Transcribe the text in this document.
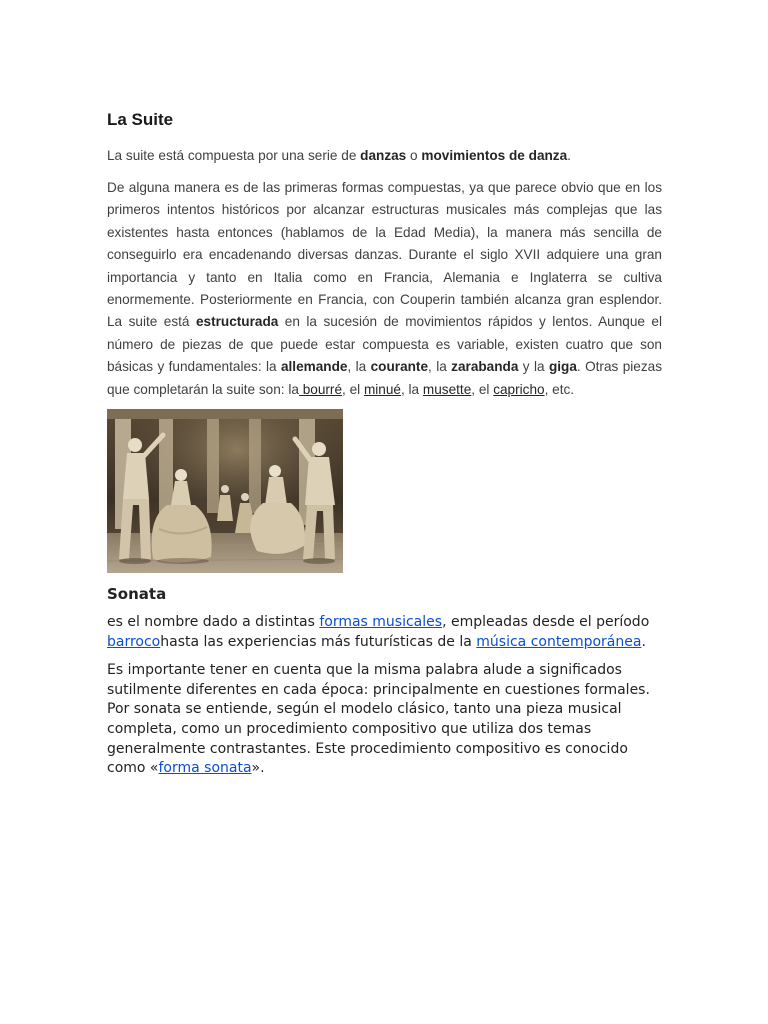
La Suite

La suite está compuesta por una serie de danzas o movimientos de danza.

De alguna manera es de las primeras formas compuestas, ya que parece obvio que en los primeros intentos históricos por alcanzar estructuras musicales más complejas que las existentes hasta entonces (hablamos de la Edad Media), la manera más sencilla de conseguirlo era encadenando diversas danzas. Durante el siglo XVII adquiere una gran importancia y tanto en Italia como en Francia, Alemania e Inglaterra se cultiva enormemente. Posteriormente en Francia, con Couperin también alcanza gran esplendor. La suite está estructurada en la sucesión de movimientos rápidos y lentos. Aunque el número de piezas de que puede estar compuesta es variable, existen cuatro que son básicas y fundamentales: la allemande, la courante, la zarabanda y la giga. Otras piezas que completarán la suite son: la bourré, el minué, la musette, el capricho, etc.

Sonata

es el nombre dado a distintas formas musicales, empleadas desde el período barrocohasta las experiencias más futurísticas de la música contemporánea.

Es importante tener en cuenta que la misma palabra alude a significados sutilmente diferentes en cada época: principalmente en cuestiones formales. Por sonata se entiende, según el modelo clásico, tanto una pieza musical completa, como un procedimiento compositivo que utiliza dos temas generalmente contrastantes. Este procedimiento compositivo es conocido como «forma sonata».
